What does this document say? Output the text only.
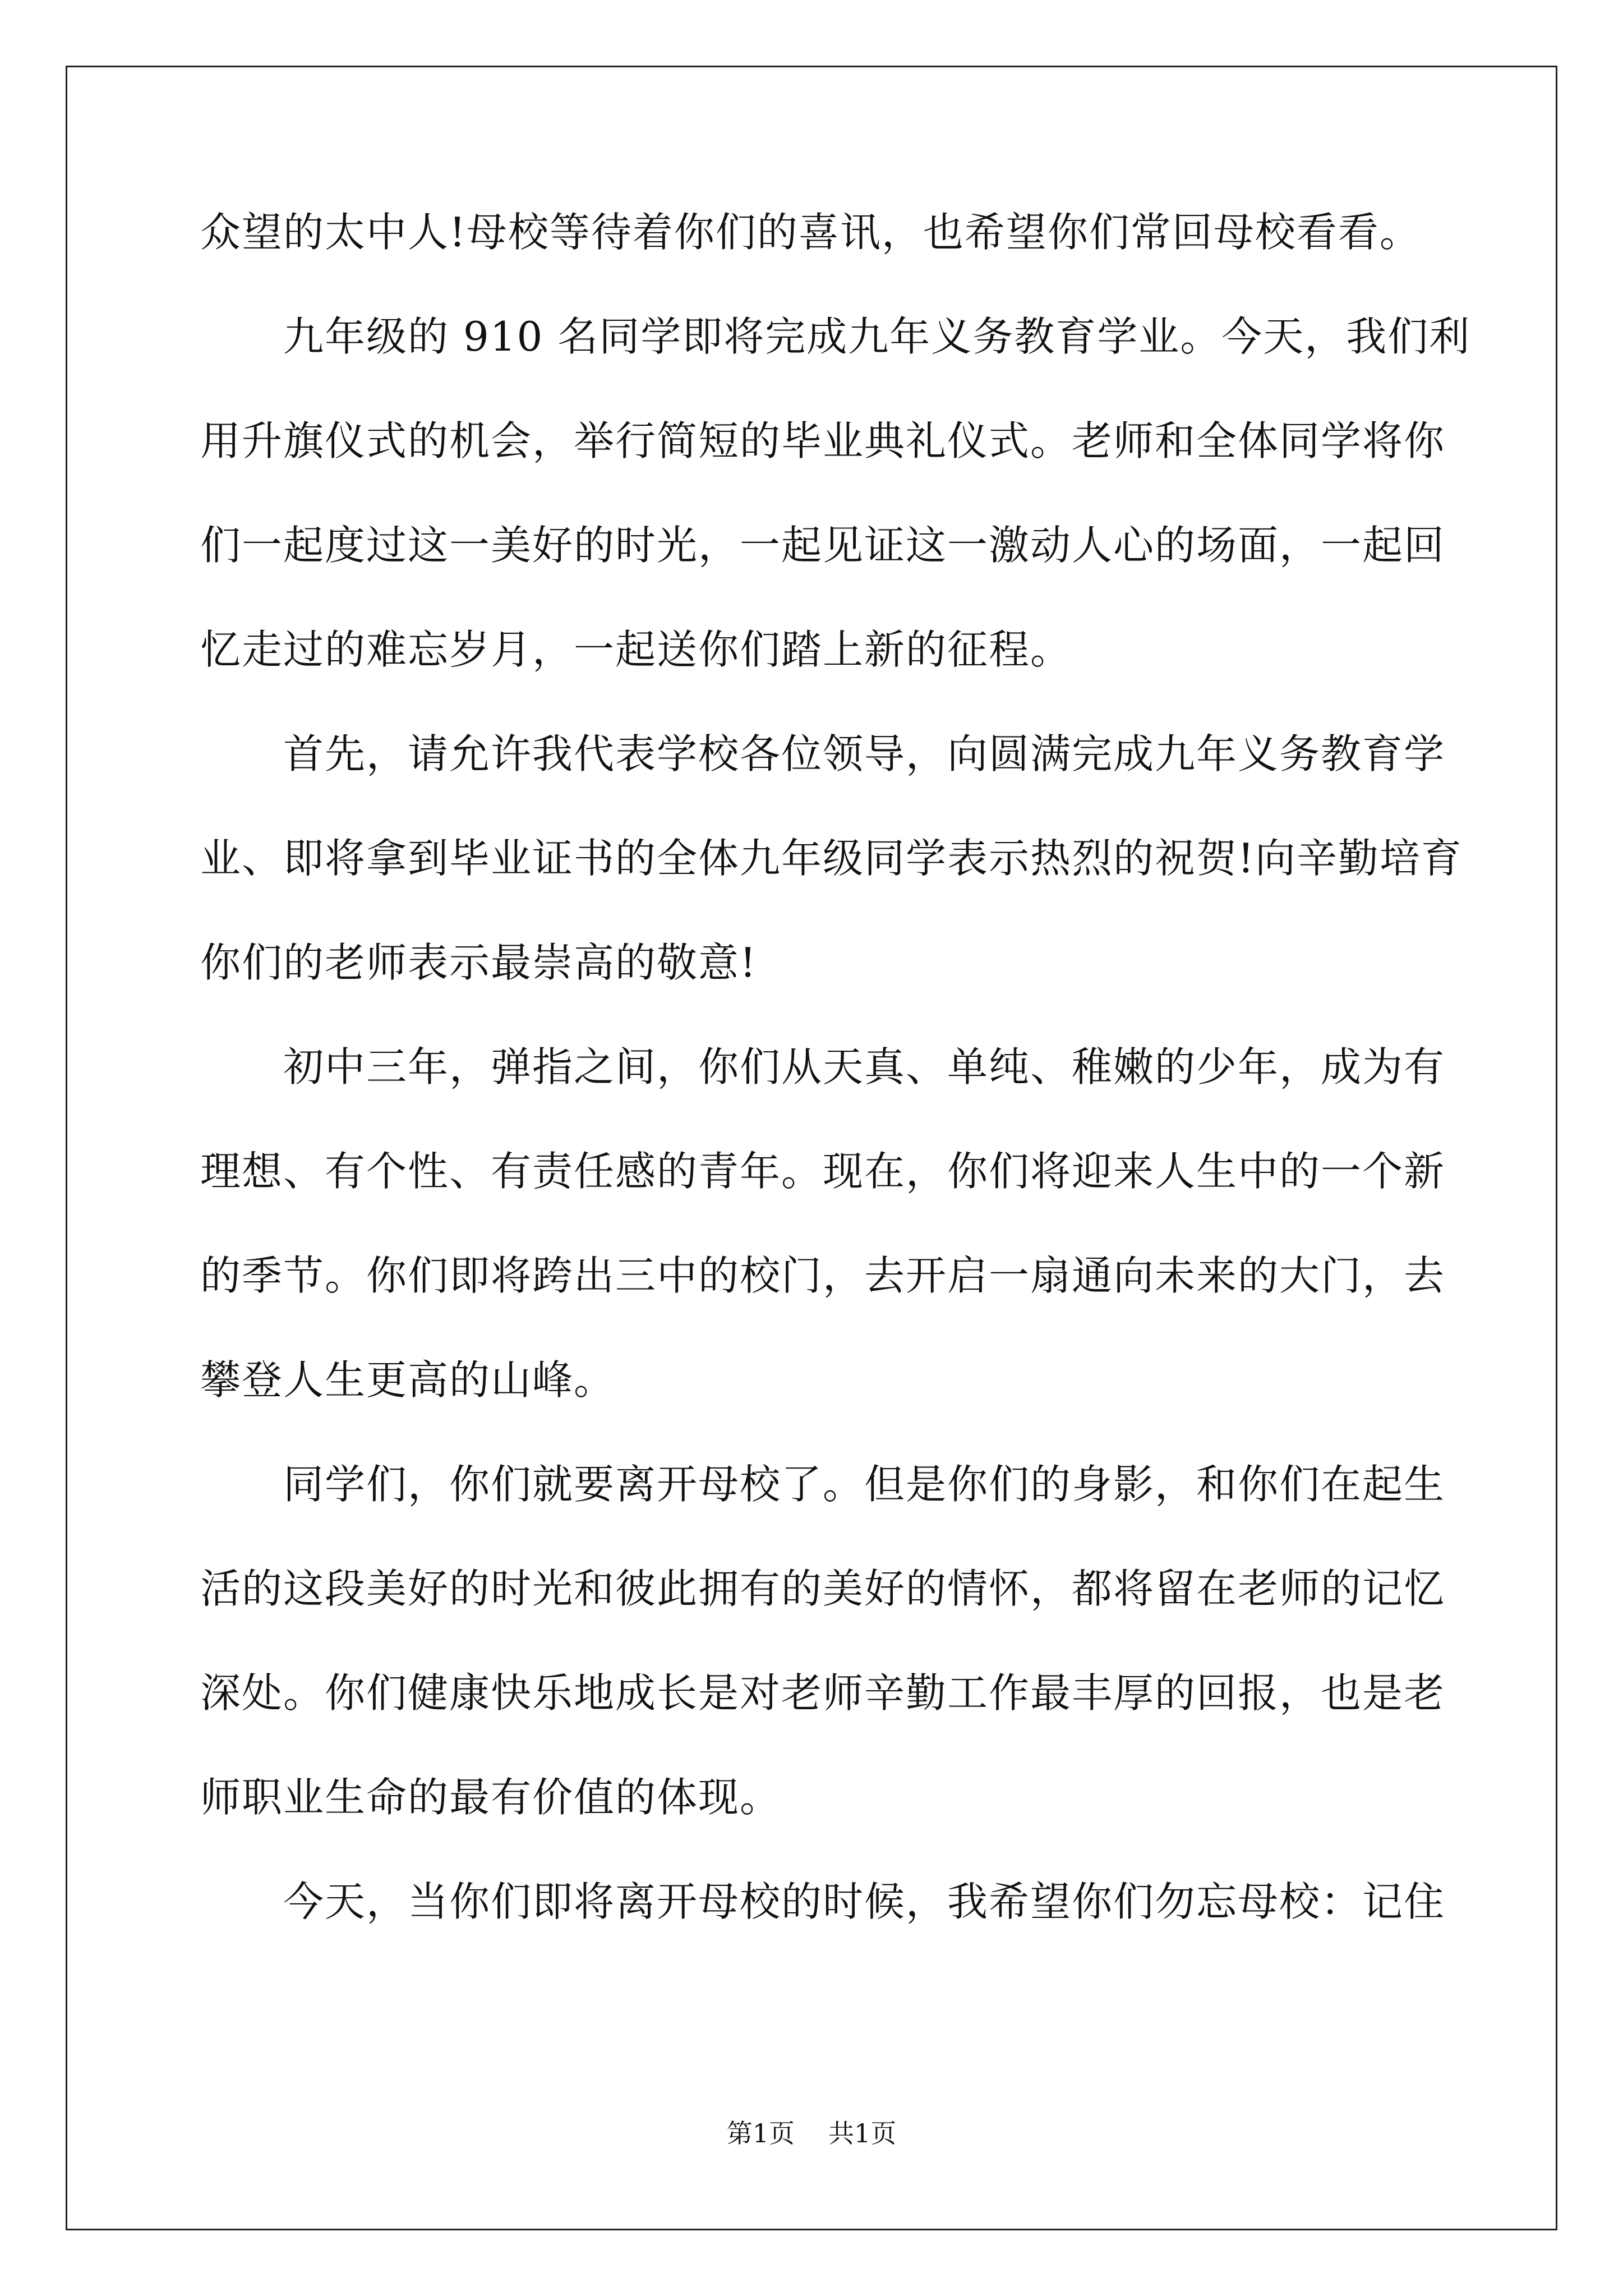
众望的太中人!母校等待着你们的喜讯，也希望你们常回母校看看。
　　九年级的 910 名同学即将完成九年义务教育学业。今天，我们利
用升旗仪式的机会，举行简短的毕业典礼仪式。老师和全体同学将你
们一起度过这一美好的时光，一起见证这一激动人心的场面，一起回
忆走过的难忘岁月，一起送你们踏上新的征程。
　　首先，请允许我代表学校各位领导，向圆满完成九年义务教育学
业、即将拿到毕业证书的全体九年级同学表示热烈的祝贺!向辛勤培育
你们的老师表示最崇高的敬意!
　　初中三年，弹指之间，你们从天真、单纯、稚嫩的少年，成为有
理想、有个性、有责任感的青年。现在，你们将迎来人生中的一个新
的季节。你们即将跨出三中的校门，去开启一扇通向未来的大门，去
攀登人生更高的山峰。
　　同学们，你们就要离开母校了。但是你们的身影，和你们在起生
活的这段美好的时光和彼此拥有的美好的情怀，都将留在老师的记忆
深处。你们健康快乐地成长是对老师辛勤工作最丰厚的回报，也是老
师职业生命的最有价值的体现。
　　今天，当你们即将离开母校的时候，我希望你们勿忘母校：记住
第1页 共1页
